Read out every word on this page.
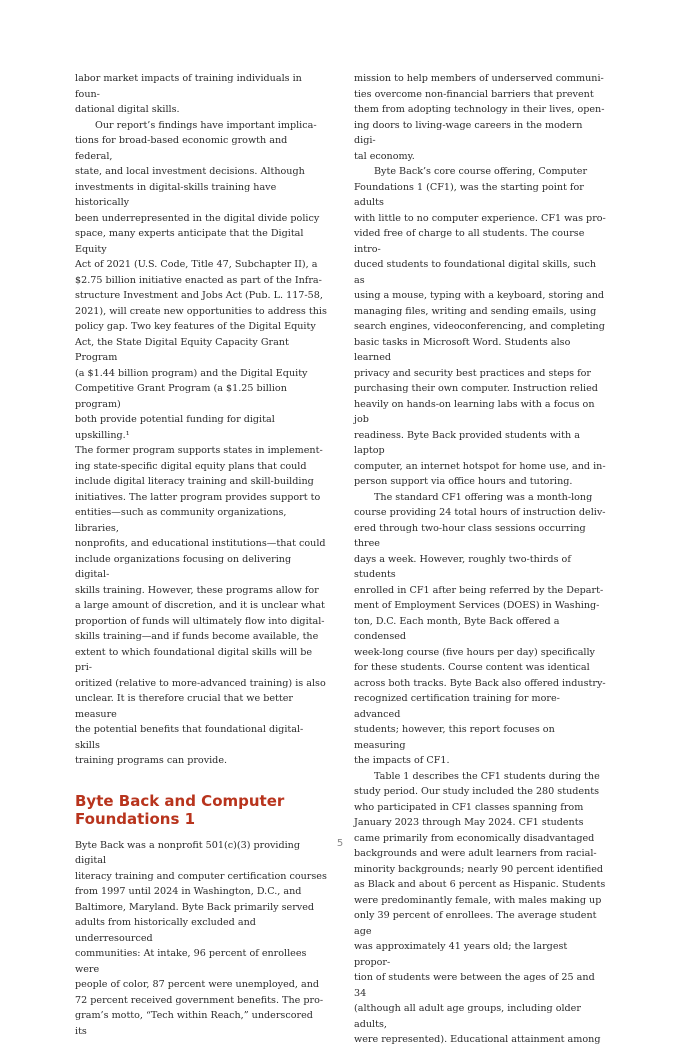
labor market impacts of training individuals in foun-
dational digital skills.

Our report’s findings have important implica-
tions for broad-based economic growth and federal,
state, and local investment decisions. Although
investments in digital-skills training have historically
been underrepresented in the digital divide policy
space, many experts anticipate that the Digital Equity
Act of 2021 (U.S. Code, Title 47, Subchapter II), a
$2.75 billion initiative enacted as part of the Infra-
structure Investment and Jobs Act (Pub. L. 117-58,
2021), will create new opportunities to address this
policy gap. Two key features of the Digital Equity
Act, the State Digital Equity Capacity Grant Program
(a $1.44 billion program) and the Digital Equity
Competitive Grant Program (a $1.25 billion program)
both provide potential funding for digital upskilling.¹
The former program supports states in implement-
ing state-specific digital equity plans that could
include digital literacy training and skill-building
initiatives. The latter program provides support to
entities—such as community organizations, libraries,
nonprofits, and educational institutions—that could
include organizations focusing on delivering digital-
skills training. However, these programs allow for
a large amount of discretion, and it is unclear what
proportion of funds will ultimately flow into digital-
skills training—and if funds become available, the
extent to which foundational digital skills will be pri-
oritized (relative to more-advanced training) is also
unclear. It is therefore crucial that we better measure
the potential benefits that foundational digital-skills
training programs can provide.

Byte Back and Computer
Foundations 1

Byte Back was a nonprofit 501(c)(3) providing digital
literacy training and computer certification courses
from 1997 until 2024 in Washington, D.C., and
Baltimore, Maryland. Byte Back primarily served
adults from historically excluded and underresourced
communities: At intake, 96 percent of enrollees were
people of color, 87 percent were unemployed, and
72 percent received government benefits. The pro-
gram’s motto, “Tech within Reach,” underscored its

mission to help members of underserved communi-
ties overcome non-financial barriers that prevent
them from adopting technology in their lives, open-
ing doors to living-wage careers in the modern digi-
tal economy.

Byte Back’s core course offering, Computer
Foundations 1 (CF1), was the starting point for adults
with little to no computer experience. CF1 was pro-
vided free of charge to all students. The course intro-
duced students to foundational digital skills, such as
using a mouse, typing with a keyboard, storing and
managing files, writing and sending emails, using
search engines, videoconferencing, and completing
basic tasks in Microsoft Word. Students also learned
privacy and security best practices and steps for
purchasing their own computer. Instruction relied
heavily on hands-on learning labs with a focus on job
readiness. Byte Back provided students with a laptop
computer, an internet hotspot for home use, and in-
person support via office hours and tutoring.

The standard CF1 offering was a month-long
course providing 24 total hours of instruction deliv-
ered through two-hour class sessions occurring three
days a week. However, roughly two-thirds of students
enrolled in CF1 after being referred by the Depart-
ment of Employment Services (DOES) in Washing-
ton, D.C. Each month, Byte Back offered a condensed
week-long course (five hours per day) specifically
for these students. Course content was identical
across both tracks. Byte Back also offered industry-
recognized certification training for more-advanced
students; however, this report focuses on measuring
the impacts of CF1.

Table 1 describes the CF1 students during the
study period. Our study included the 280 students
who participated in CF1 classes spanning from
January 2023 through May 2024. CF1 students
came primarily from economically disadvantaged
backgrounds and were adult learners from racial-
minority backgrounds; nearly 90 percent identified
as Black and about 6 percent as Hispanic. Students
were predominantly female, with males making up
only 39 percent of enrollees. The average student age
was approximately 41 years old; the largest propor-
tion of students were between the ages of 25 and 34
(although all adult age groups, including older adults,
were represented). Educational attainment among

5
